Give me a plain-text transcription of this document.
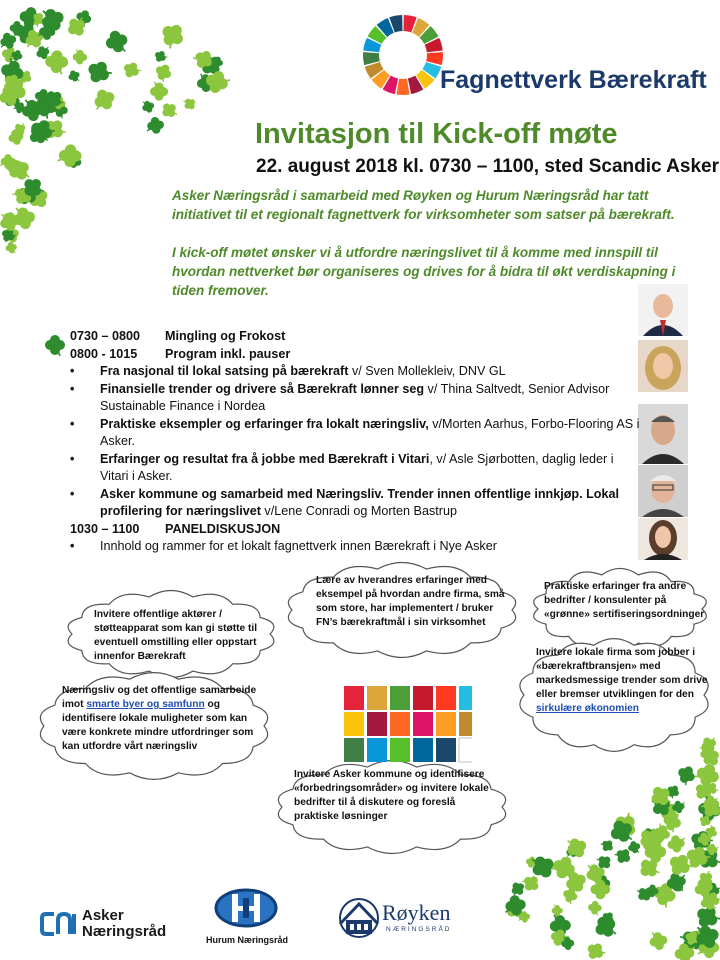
Fagnettverk Bærekraft
Invitasjon til Kick-off møte
22. august 2018 kl. 0730 – 1100, sted Scandic Asker

Asker Næringsråd i samarbeid med Røyken og Hurum Næringsråd har tatt initiativet til et regionalt fagnettverk for virksomheter som satser på bærekraft.

I kick-off møtet ønsker vi å utfordre næringslivet til å komme med innspill til hvordan nettverket bør organiseres og drives for å bidra til økt verdiskapning i tiden fremover.

0730 – 0800	Mingling og Frokost
0800 - 1015	Program inkl. pauser
• Fra nasjonal til lokal satsing på bærekraft v/ Sven Mollekleiv, DNV GL
• Finansielle trender og drivere så Bærekraft lønner seg v/ Thina Saltvedt, Senior Advisor Sustainable Finance i Nordea
• Praktiske eksempler og erfaringer fra lokalt næringsliv, v/Morten Aarhus, Forbo-Flooring AS i Asker.
• Erfaringer og resultat fra å jobbe med Bærekraft i Vitari, v/ Asle Sjørbotten, daglig leder i Vitari i Asker.
• Asker kommune og samarbeid med Næringsliv. Trender innen offentlige innkjøp. Lokal profilering for næringslivet v/Lene Conradi og Morten Bastrup
1030 – 1100	PANELDISKUSJON
• Innhold og rammer for et lokalt fagnettverk innen Bærekraft i Nye Asker
Invitere offentlige aktører / støtteapparat som kan gi støtte til eventuell omstilling eller oppstart innenfor Bærekraft
Lære av hverandres erfaringer med eksempel på hvordan andre firma, små som store, har implementert / bruker FN’s bærekraftmål i sin virksomhet
Praktiske erfaringer fra andre bedrifter / konsulenter på «grønne» sertifiseringsordninger
Næringsliv og det offentlige samarbeide imot smarte byer og samfunn og identifisere lokale muligheter som kan være konkrete mindre utfordringer som kan utfordre vårt næringsliv
Invitere lokale firma som jobber i «bærekraftbransjen» med markedsmessige trender som drive eller bremser utviklingen for den sirkulære økonomien
Invitere Asker kommune og identifisere «forbedringsområder» og invitere lokale bedrifter til å diskutere og foreslå praktiske løsninger
Asker
Næringsråd	Hurum Næringsråd
Røyken
NÆRINGSRÅD
